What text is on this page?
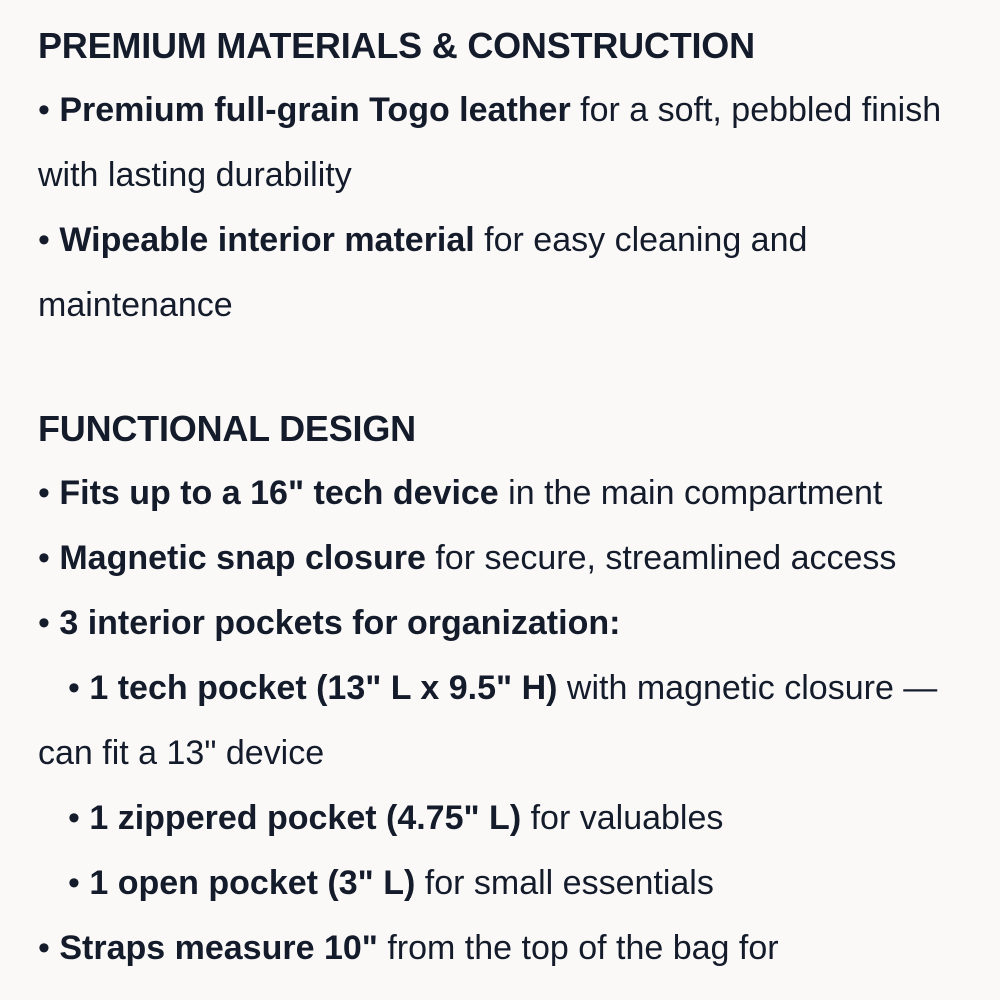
PREMIUM MATERIALS & CONSTRUCTION

• Premium full-grain Togo leather for a soft, pebbled finish with lasting durability

• Wipeable interior material for easy cleaning and maintenance

FUNCTIONAL DESIGN

• Fits up to a 16" tech device in the main compartment

• Magnetic snap closure for secure, streamlined access

• 3 interior pockets for organization:

• 1 tech pocket (13" L x 9.5" H) with magnetic closure — can fit a 13" device

• 1 zippered pocket (4.75" L) for valuables

• 1 open pocket (3" L) for small essentials

• Straps measure 10" from the top of the bag for
